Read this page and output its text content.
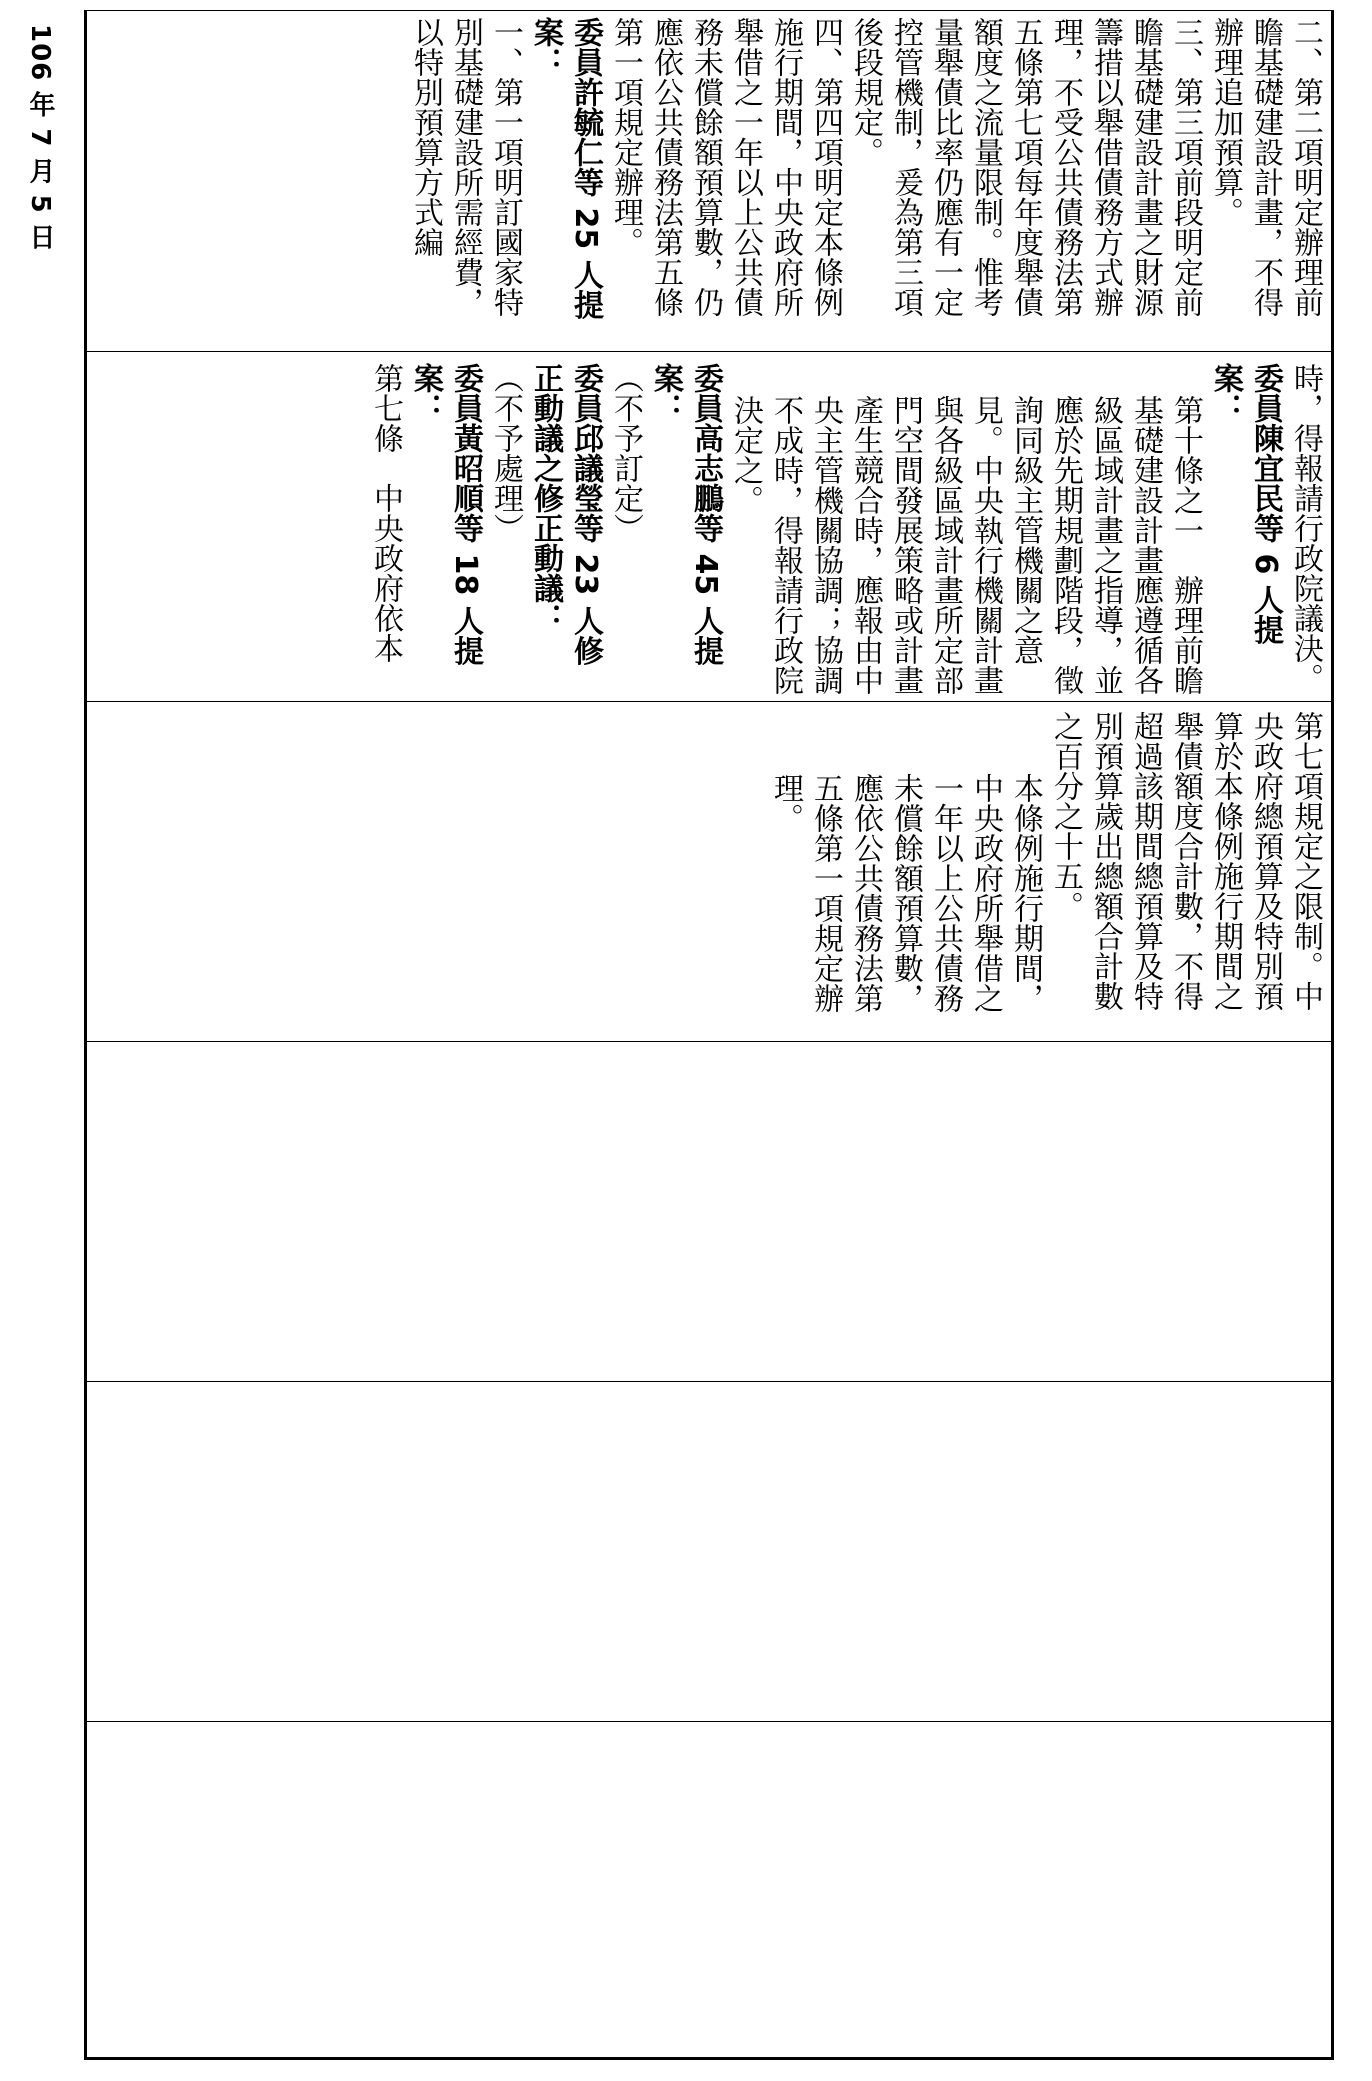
106 年 7 月 5 日	二、第二項明定辦理前瞻基礎建設計畫，不得辦理追加預算。

三、第三項前段明定前瞻基礎建設計畫之財源籌措以舉借債務方式辦理，不受公共債務法第五條第七項每年度舉債額度之流量限制。惟考量舉債比率仍應有一定控管機制，爰為第三項後段規定。

四、第四項明定本條例施行期間，中央政府所舉借之一年以上公共債務未償餘額預算數，仍應依公共債務法第五條第一項規定辦理。

委員許毓仁等 25 人提案：

一、第一項明訂國家特別基礎建設所需經費，以特別預算方式編

時，得報請行政院議決。

委員陳宜民等 6 人提案：

第十條之一　辦理前瞻基礎建設計畫應遵循各級區域計畫之指導，並應於先期規劃階段，徵詢同級主管機關之意見。中央執行機關計畫與各級區域計畫所定部門空間發展策略或計畫產生競合時，應報由中央主管機關協調；協調不成時，得報請行政院決定之。

委員高志鵬等 45 人提案：

（不予訂定）

委員邱議瑩等 23 人修正動議之修正動議：

（不予處理）

委員黃昭順等 18 人提案：

第七條　中央政府依本

第七項規定之限制。中央政府總預算及特別預算於本條例施行期間之舉債額度合計數，不得超過該期間總預算及特別預算歲出總額合計數之百分之十五。

本條例施行期間，中央政府所舉借之一年以上公共債務未償餘額預算數，應依公共債務法第五條第一項規定辦理。
